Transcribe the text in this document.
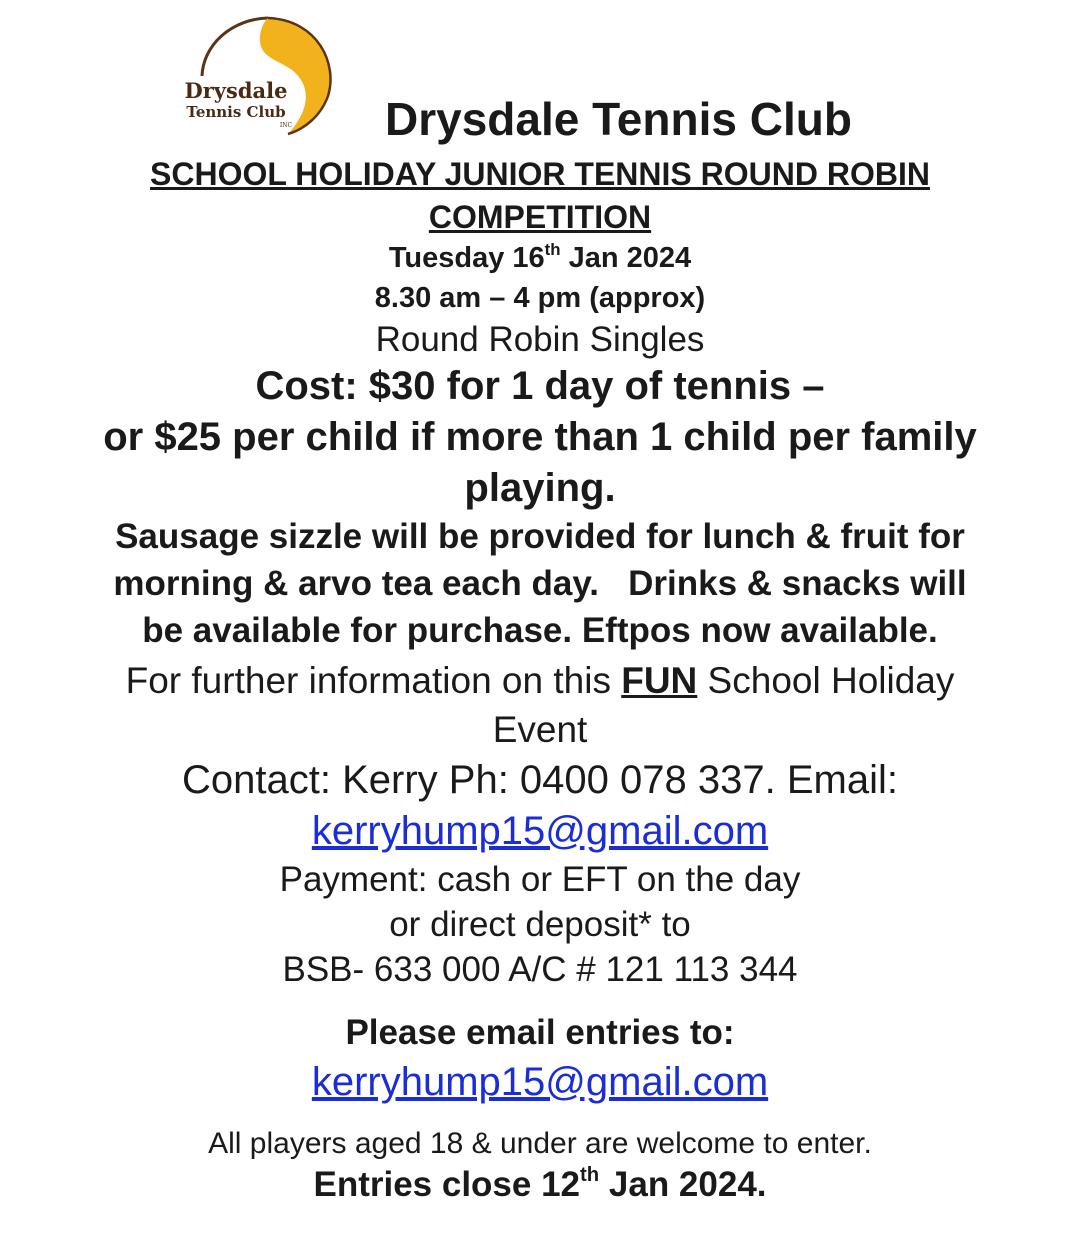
Drysdale
Tennis Club
INC Drysdale Tennis Club

SCHOOL HOLIDAY JUNIOR TENNIS ROUND ROBIN

COMPETITION

Tuesday 16th Jan 2024

8.30 am – 4 pm (approx)

Round Robin Singles

Cost: $30 for 1 day of tennis –

or $25 per child if more than 1 child per family

playing.

Sausage sizzle will be provided for lunch & fruit for

morning & arvo tea each day.   Drinks & snacks will

be available for purchase. Eftpos now available.

For further information on this FUN School Holiday

Event

Contact: Kerry Ph: 0400 078 337. Email:

kerryhump15@gmail.com

Payment: cash or EFT on the day

or direct deposit* to

BSB- 633 000 A/C # 121 113 344

Please email entries to:

kerryhump15@gmail.com

All players aged 18 & under are welcome to enter.

Entries close 12th Jan 2024.
